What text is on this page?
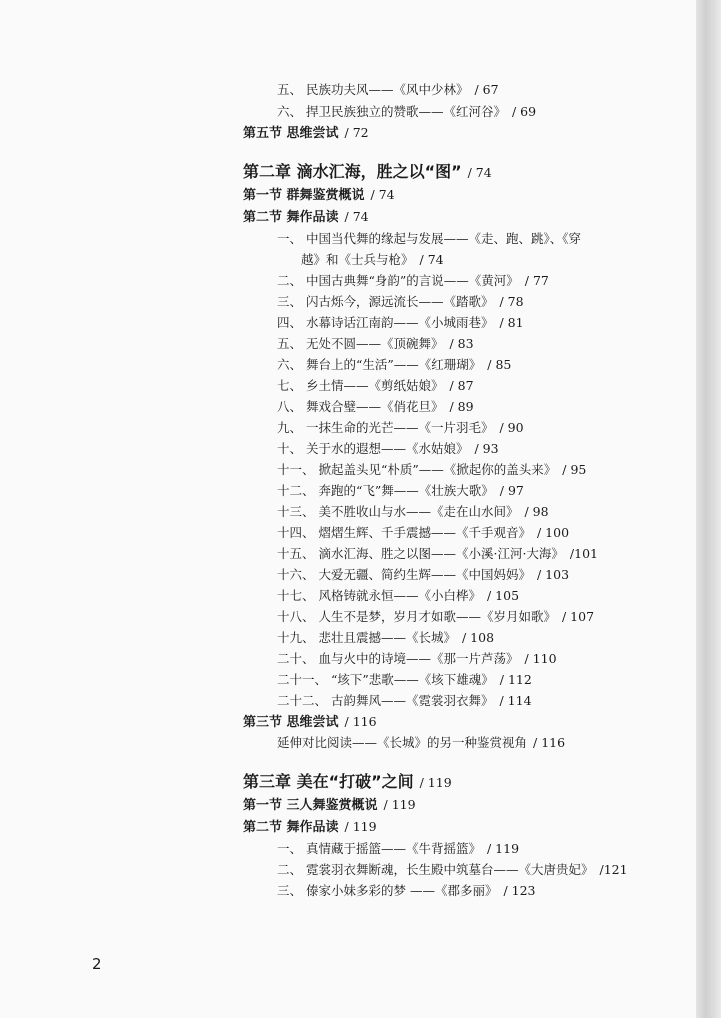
五、 民族功夫风——《风中少林》 / 67
六、 捍卫民族独立的赞歌——《红河谷》 / 69
第五节 思维尝试 / 72
第二章 滴水汇海，胜之以“图” / 74
第一节 群舞鉴赏概说 / 74
第二节 舞作品读 / 74
一、 中国当代舞的缘起与发展——《走、跑、跳》、《穿
越》和《士兵与枪》 / 74
二、 中国古典舞“身韵”的言说——《黄河》 / 77
三、 闪古烁今，源远流长——《踏歌》 / 78
四、 水幕诗话江南韵——《小城雨巷》 / 81
五、 无处不圆——《顶碗舞》 / 83
六、 舞台上的“生活”——《红珊瑚》 / 85
七、 乡土情——《剪纸姑娘》 / 87
八、 舞戏合璧——《俏花旦》 / 89
九、 一抹生命的光芒——《一片羽毛》 / 90
十、 关于水的遐想——《水姑娘》 / 93
十一、 掀起盖头见“朴质”——《掀起你的盖头来》 / 95
十二、 奔跑的“飞”舞——《壮族大歌》 / 97
十三、 美不胜收山与水——《走在山水间》 / 98
十四、 熠熠生辉、千手震撼——《千手观音》 / 100
十五、 滴水汇海、胜之以图——《小溪·江河·大海》 /101
十六、 大爱无疆、简约生辉——《中国妈妈》 / 103
十七、 风格铸就永恒——《小白桦》 / 105
十八、 人生不是梦，岁月才如歌——《岁月如歌》 / 107
十九、 悲壮且震撼——《长城》 / 108
二十、 血与火中的诗境——《那一片芦荡》 / 110
二十一、 “垓下”悲歌——《垓下雄魂》 / 112
二十二、 古韵舞风——《霓裳羽衣舞》 / 114
第三节 思维尝试 / 116
延伸对比阅读——《长城》的另一种鉴赏视角 / 116
第三章 美在“打破”之间 / 119
第一节 三人舞鉴赏概说 / 119
第二节 舞作品读 / 119
一、 真情藏于摇篮——《牛背摇篮》 / 119
二、 霓裳羽衣舞断魂，长生殿中筑墓台——《大唐贵妃》 /121
三、 傣家小妹多彩的梦 ——《郡多丽》 / 123
2
